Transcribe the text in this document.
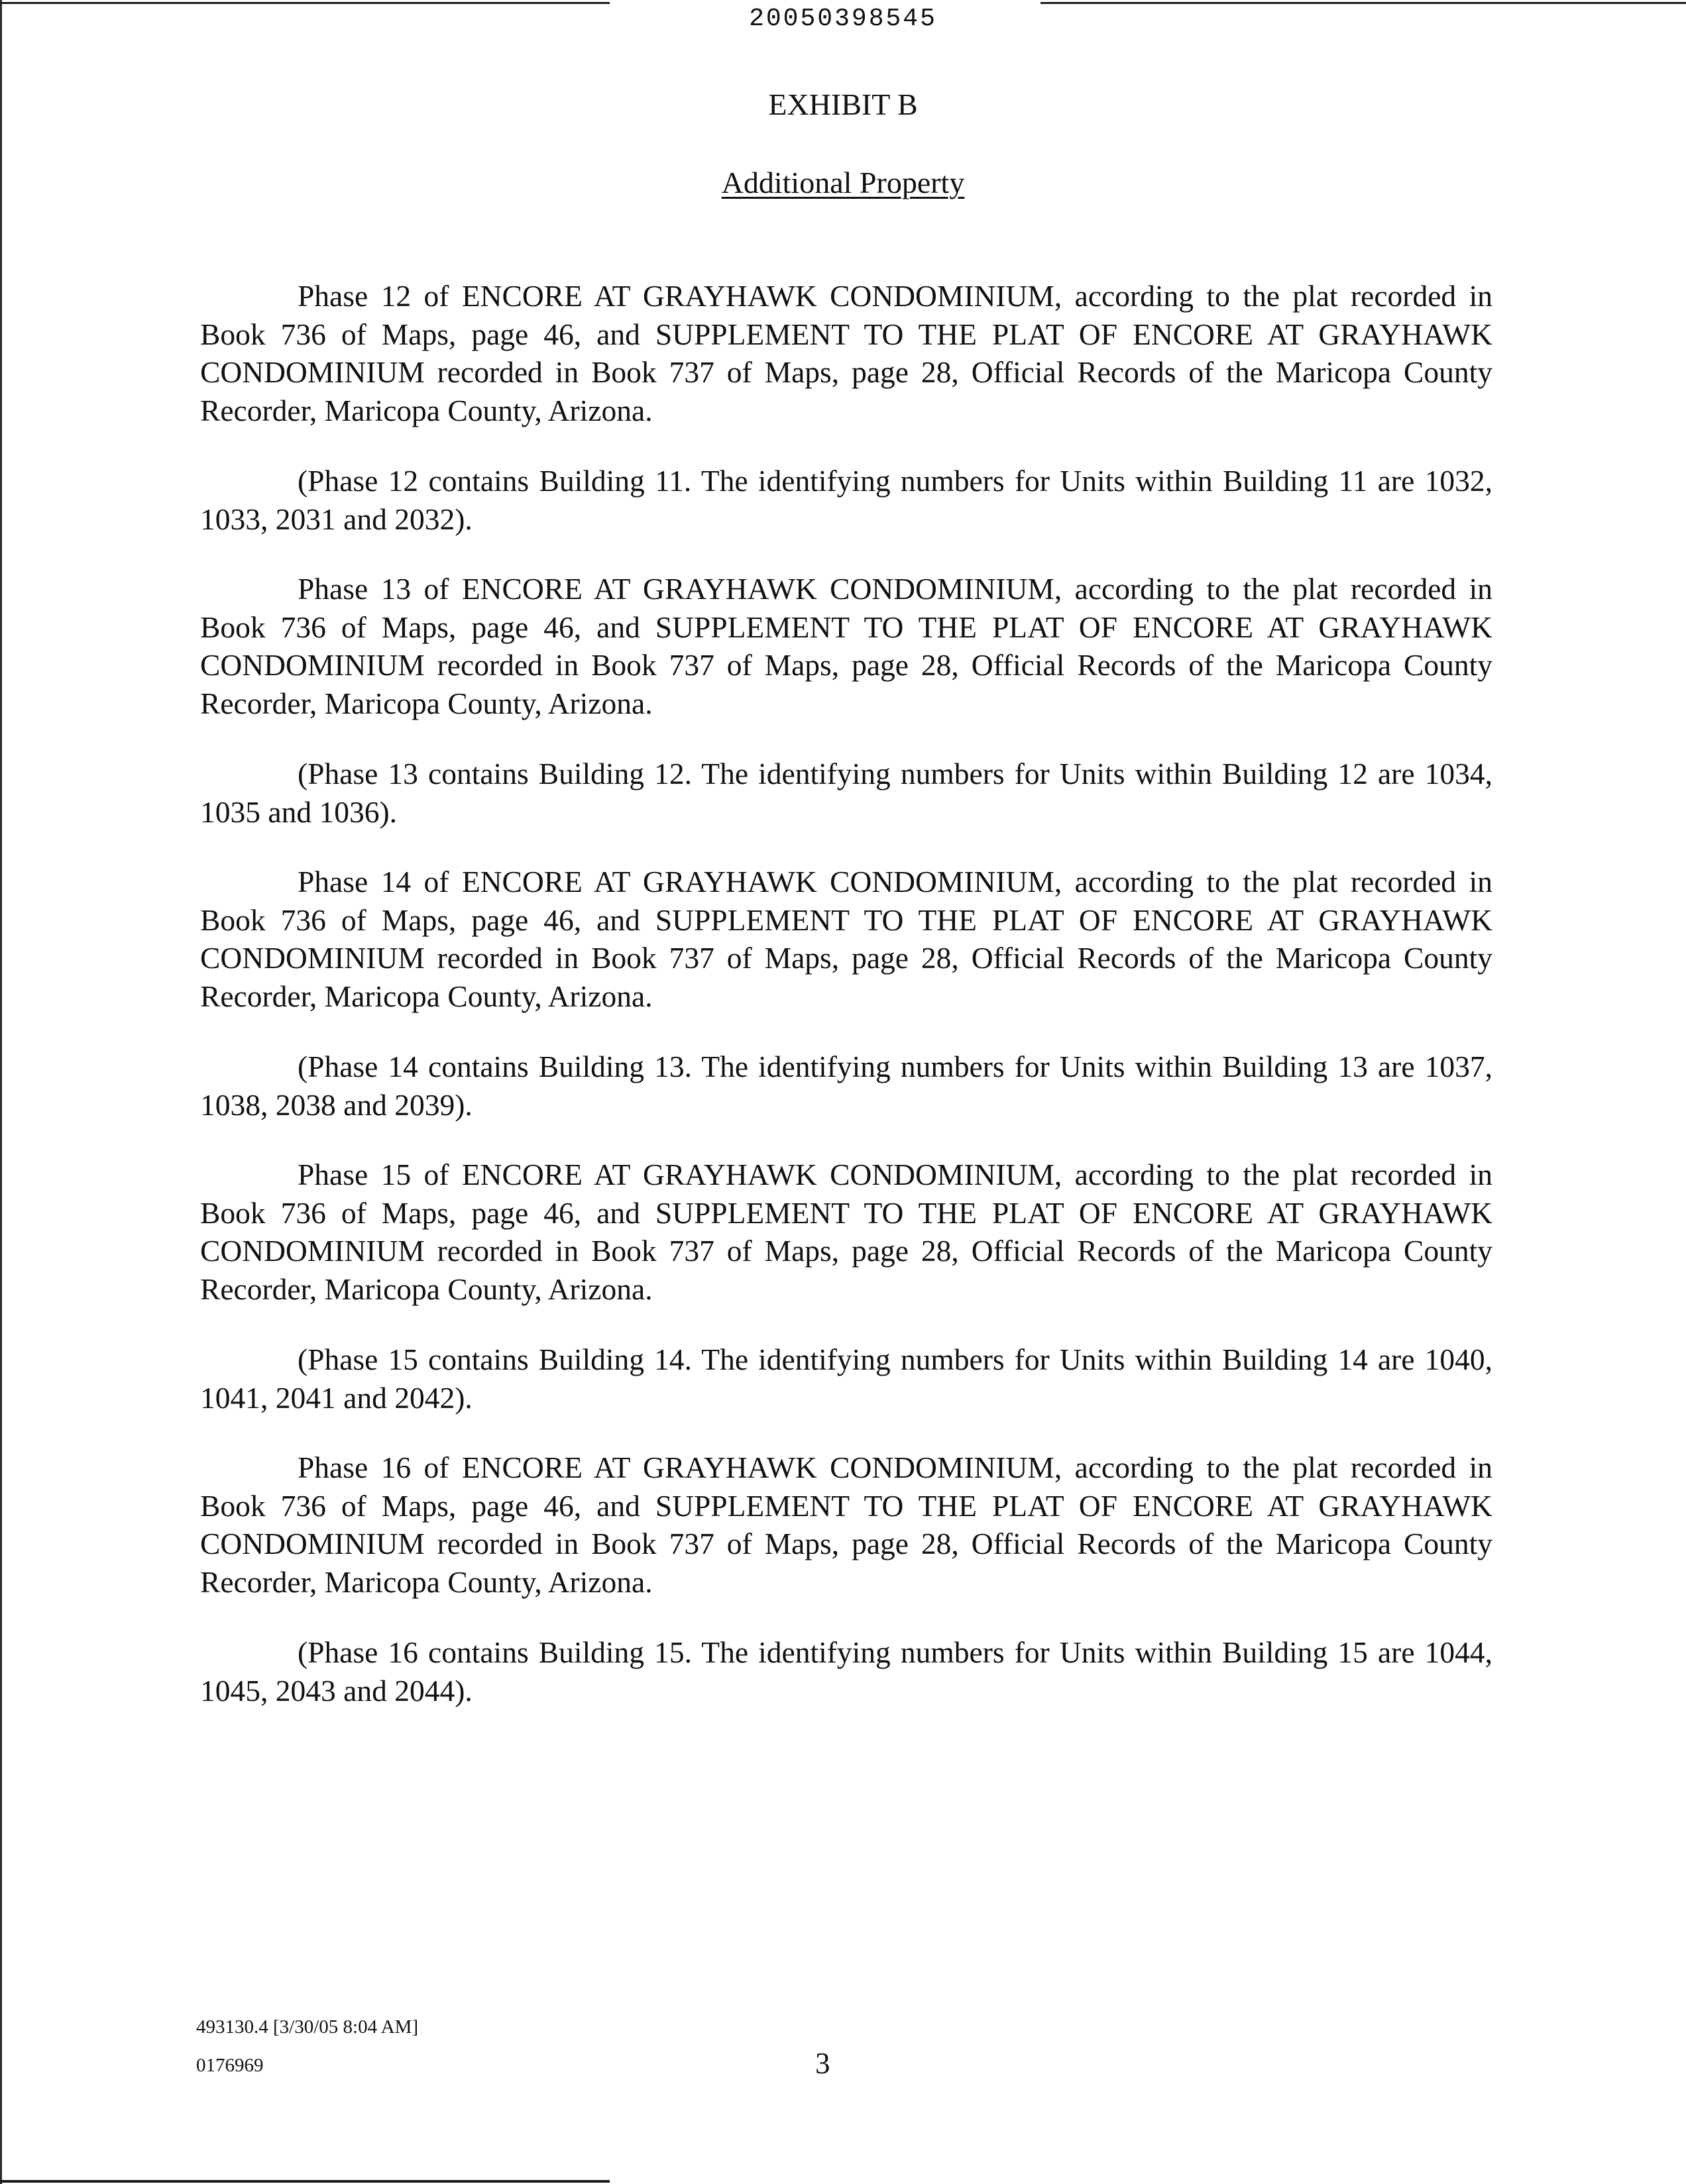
20050398545
EXHIBIT B
Additional Property

Phase 12 of ENCORE AT GRAYHAWK CONDOMINIUM, according to the plat recorded in Book 736 of Maps, page 46, and SUPPLEMENT TO THE PLAT OF ENCORE AT GRAYHAWK CONDOMINIUM recorded in Book 737 of Maps, page 28, Official Records of the Maricopa County Recorder, Maricopa County, Arizona.

(Phase 12 contains Building 11. The identifying numbers for Units within Building 11 are 1032, 1033, 2031 and 2032).

Phase 13 of ENCORE AT GRAYHAWK CONDOMINIUM, according to the plat recorded in Book 736 of Maps, page 46, and SUPPLEMENT TO THE PLAT OF ENCORE AT GRAYHAWK CONDOMINIUM recorded in Book 737 of Maps, page 28, Official Records of the Maricopa County Recorder, Maricopa County, Arizona.

(Phase 13 contains Building 12. The identifying numbers for Units within Building 12 are 1034, 1035 and 1036).

Phase 14 of ENCORE AT GRAYHAWK CONDOMINIUM, according to the plat recorded in Book 736 of Maps, page 46, and SUPPLEMENT TO THE PLAT OF ENCORE AT GRAYHAWK CONDOMINIUM recorded in Book 737 of Maps, page 28, Official Records of the Maricopa County Recorder, Maricopa County, Arizona.

(Phase 14 contains Building 13. The identifying numbers for Units within Building 13 are 1037, 1038, 2038 and 2039).

Phase 15 of ENCORE AT GRAYHAWK CONDOMINIUM, according to the plat recorded in Book 736 of Maps, page 46, and SUPPLEMENT TO THE PLAT OF ENCORE AT GRAYHAWK CONDOMINIUM recorded in Book 737 of Maps, page 28, Official Records of the Maricopa County Recorder, Maricopa County, Arizona.

(Phase 15 contains Building 14. The identifying numbers for Units within Building 14 are 1040, 1041, 2041 and 2042).

Phase 16 of ENCORE AT GRAYHAWK CONDOMINIUM, according to the plat recorded in Book 736 of Maps, page 46, and SUPPLEMENT TO THE PLAT OF ENCORE AT GRAYHAWK CONDOMINIUM recorded in Book 737 of Maps, page 28, Official Records of the Maricopa County Recorder, Maricopa County, Arizona.

(Phase 16 contains Building 15. The identifying numbers for Units within Building 15 are 1044, 1045, 2043 and 2044).

493130.4 [3/30/05 8:04 AM]
0176969	3
